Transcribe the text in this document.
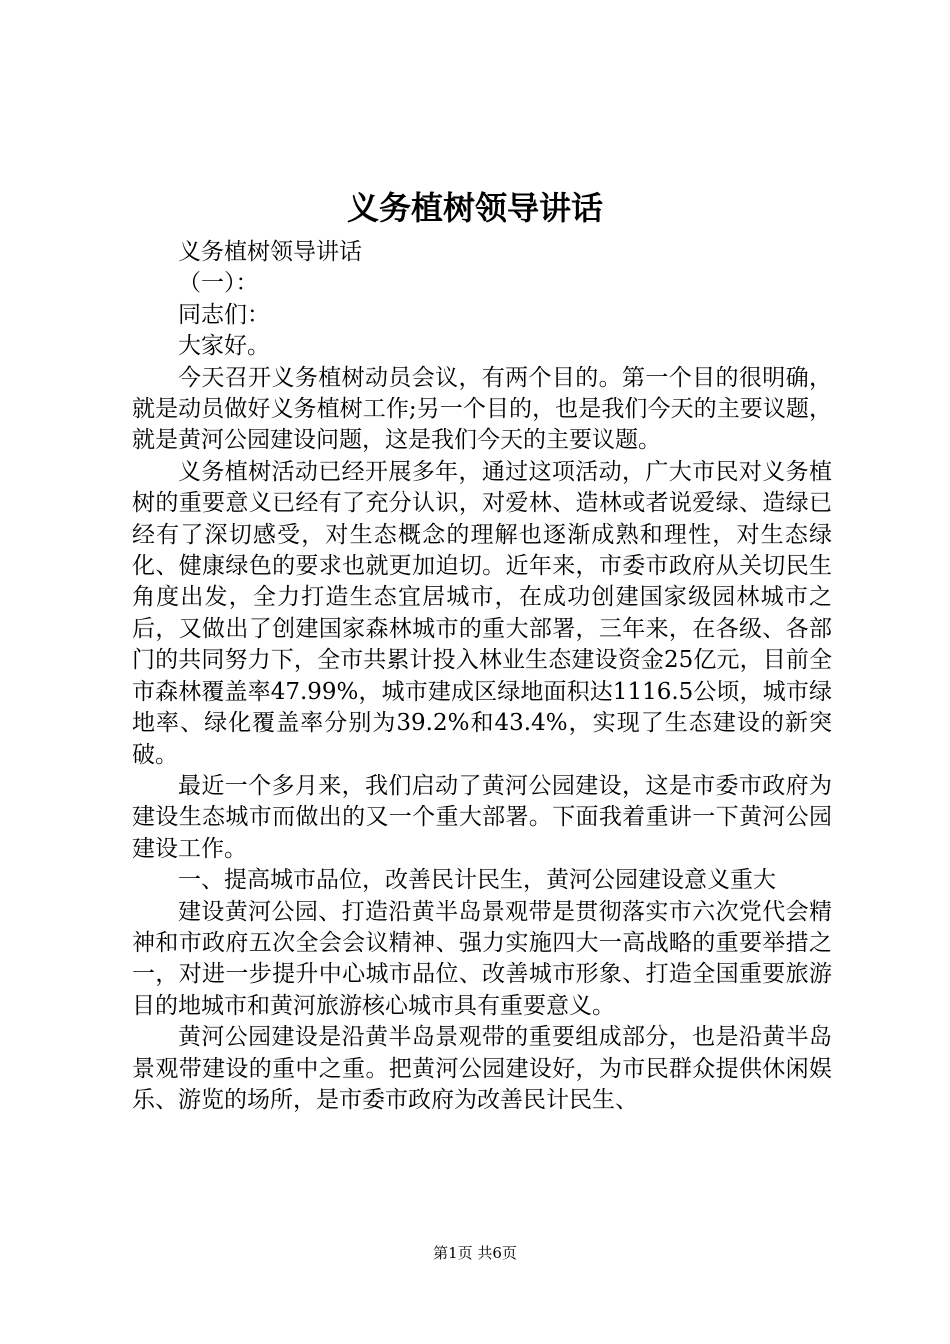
义务植树领导讲话

义务植树领导讲话

（一）：

同志们：

大家好。

今天召开义务植树动员会议，有两个目的。第一个目的很明确，就是动员做好义务植树工作;另一个目的，也是我们今天的主要议题，就是黄河公园建设问题，这是我们今天的主要议题。

义务植树活动已经开展多年，通过这项活动，广大市民对义务植树的重要意义已经有了充分认识，对爱林、造林或者说爱绿、造绿已经有了深切感受，对生态概念的理解也逐渐成熟和理性，对生态绿化、健康绿色的要求也就更加迫切。近年来，市委市政府从关切民生角度出发，全力打造生态宜居城市，在成功创建国家级园林城市之后，又做出了创建国家森林城市的重大部署，三年来，在各级、各部门的共同努力下，全市共累计投入林业生态建设资金25亿元，目前全市森林覆盖率47.99%，城市建成区绿地面积达1116.5公顷，城市绿地率、绿化覆盖率分别为39.2%和43.4%，实现了生态建设的新突破。

最近一个多月来，我们启动了黄河公园建设，这是市委市政府为建设生态城市而做出的又一个重大部署。下面我着重讲一下黄河公园建设工作。

一、提高城市品位，改善民计民生，黄河公园建设意义重大

建设黄河公园、打造沿黄半岛景观带是贯彻落实市六次党代会精神和市政府五次全会会议精神、强力实施四大一高战略的重要举措之一，对进一步提升中心城市品位、改善城市形象、打造全国重要旅游目的地城市和黄河旅游核心城市具有重要意义。

黄河公园建设是沿黄半岛景观带的重要组成部分，也是沿黄半岛景观带建设的重中之重。把黄河公园建设好，为市民群众提供休闲娱乐、游览的场所，是市委市政府为改善民计民生、

第1页 共6页
